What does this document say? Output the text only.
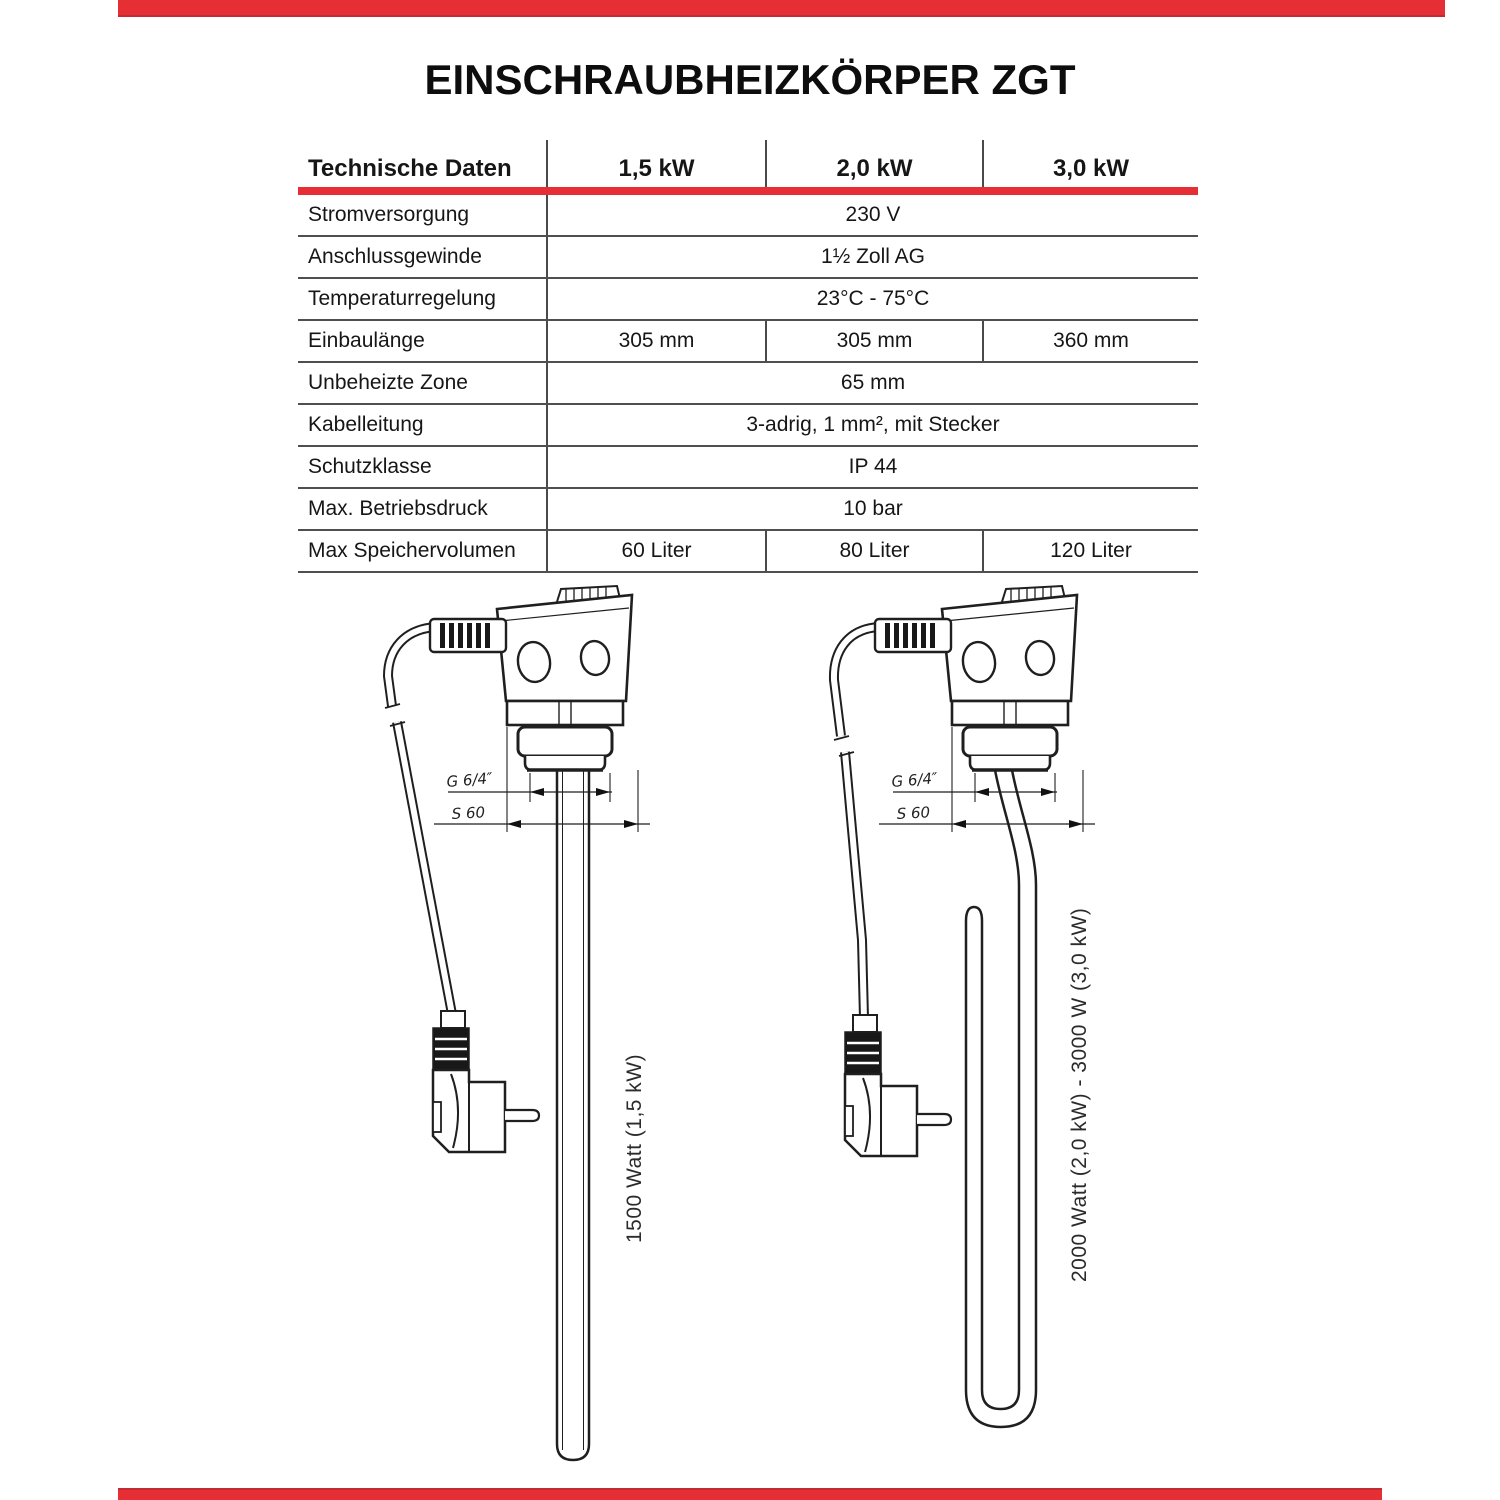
EINSCHRAUBHEIZKÖRPER ZGT
Technische Daten	1,5 kW	2,0 kW	3,0 kW
Stromversorgung	230 V
Anschlussgewinde	1½ Zoll AG
Temperaturregelung	23°C - 75°C
Einbaulänge	305 mm	305 mm	360 mm
Unbeheizte Zone	65 mm
Kabelleitung	3-adrig, 1 mm², mit Stecker
Schutzklasse	IP 44
Max. Betriebsdruck	10 bar
Max Speichervolumen	60 Liter	80 Liter	120 Liter
G 6/4″
S 60
G 6/4″
S 60
1500 Watt (1,5 kW)	2000 Watt (2,0 kW) - 3000 W (3,0 kW)
